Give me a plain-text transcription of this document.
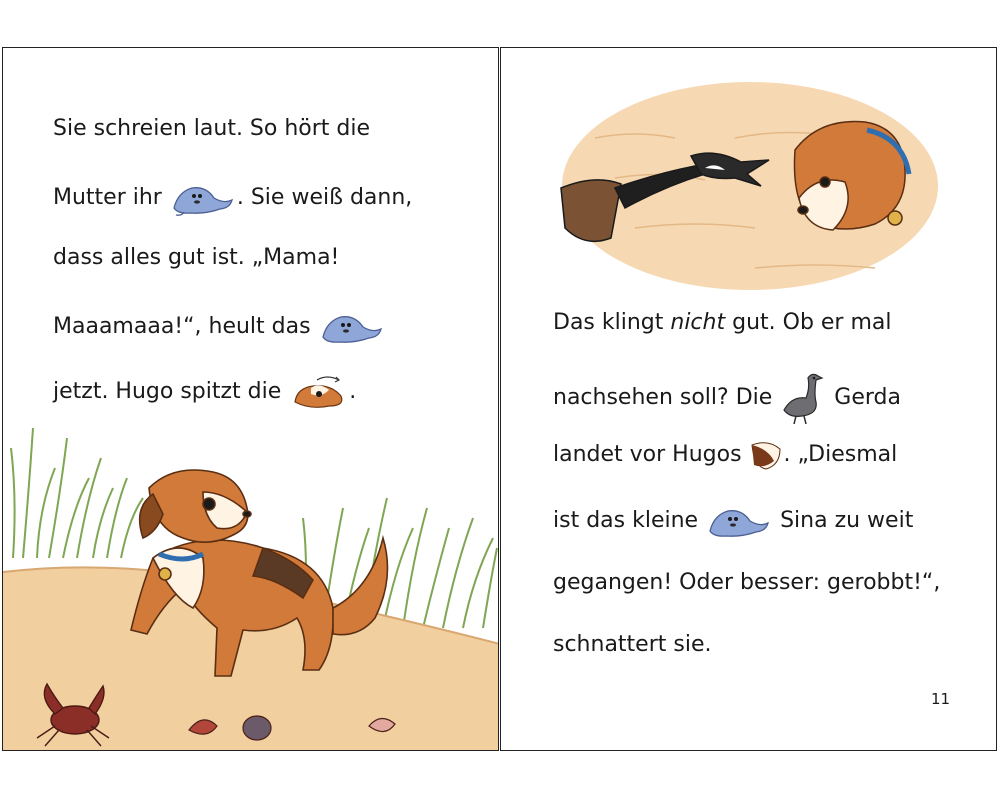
Sie schreien laut. So hört die
Mutter ihr	. Sie weiß dann,
dass alles gut ist. „Mama!
Maaamaaa!“, heult das
jetzt. Hugo spitzt die	.
Das klingt nicht gut. Ob er mal
nachsehen soll? Die	Gerda
landet vor Hugos . „Diesmal
ist das kleine	Sina zu weit
gegangen! Oder besser: gerobbt!“,
schnattert sie.
11
